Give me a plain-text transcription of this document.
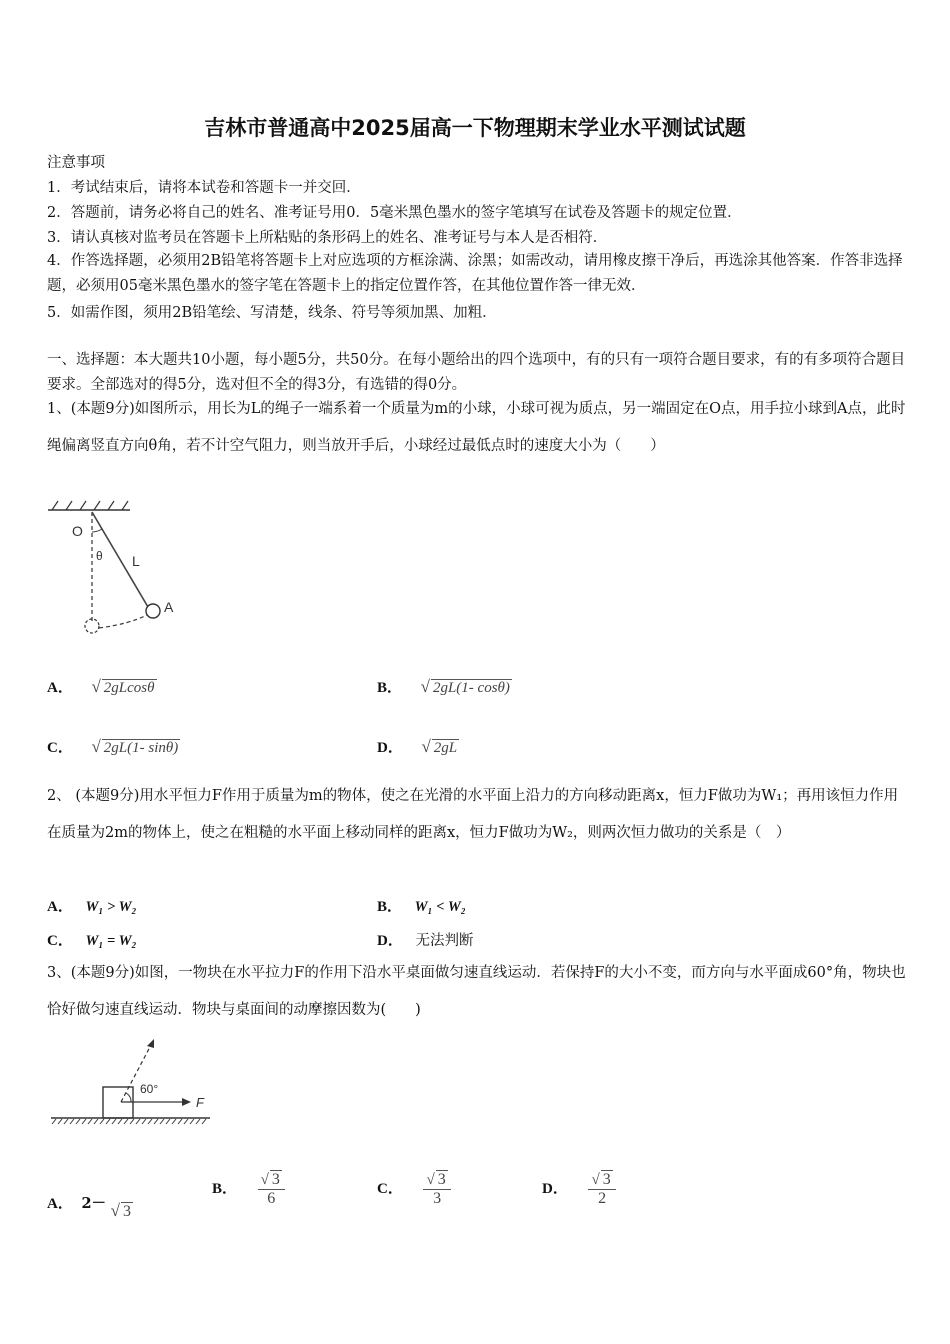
吉林市普通高中2025届高一下物理期末学业水平测试试题
注意事项
1．考试结束后，请将本试卷和答题卡一并交回．
2．答题前，请务必将自己的姓名、准考证号用0．5毫米黑色墨水的签字笔填写在试卷及答题卡的规定位置．
3．请认真核对监考员在答题卡上所粘贴的条形码上的姓名、准考证号与本人是否相符．
4．作答选择题，必须用2B铅笔将答题卡上对应选项的方框涂满、涂黑；如需改动，请用橡皮擦干净后，再选涂其他答案．作答非选择题，必须用05毫米黑色墨水的签字笔在答题卡上的指定位置作答，在其他位置作答一律无效．
5．如需作图，须用2B铅笔绘、写清楚，线条、符号等须加黑、加粗．
一、选择题：本大题共10小题，每小题5分，共50分。在每小题给出的四个选项中，有的只有一项符合题目要求，有的有多项符合题目要求。全部选对的得5分，选对但不全的得3分，有选错的得0分。
1、(本题9分)如图所示，用长为L的绳子一端系着一个质量为m的小球，小球可视为质点，另一端固定在O点，用手拉小球到A点，此时绳偏离竖直方向θ角，若不计空气阻力，则当放开手后，小球经过最低点时的速度大小为（　　）
O
θ L
A
A． √ 2gLcosθ	B． √ 2gL(1- cosθ)
C． √ 2gL(1- sinθ)	D． √ 2gL
2、 (本题9分)用水平恒力F作用于质量为m的物体，使之在光滑的水平面上沿力的方向移动距离x，恒力F做功为W₁；再用该恒力作用在质量为2m的物体上，使之在粗糙的水平面上移动同样的距离x，恒力F做功为W₂，则两次恒力做功的关系是（　）
A． W₁ > W₂	B． W₁ < W₂
C． W₁ = W₂	D． 无法判断
3、(本题9分)如图，一物块在水平拉力F的作用下沿水平桌面做匀速直线运动．若保持F的大小不变，而方向与水平面成60°角，物块也恰好做匀速直线运动．物块与桌面间的动摩擦因数为(　　)
60°
F
A． 2－ √ 3
B． $\frac{√ 3}{6}$	C． $\frac{√ 3}{3}$	D． $\frac{√ 3}{2}$
